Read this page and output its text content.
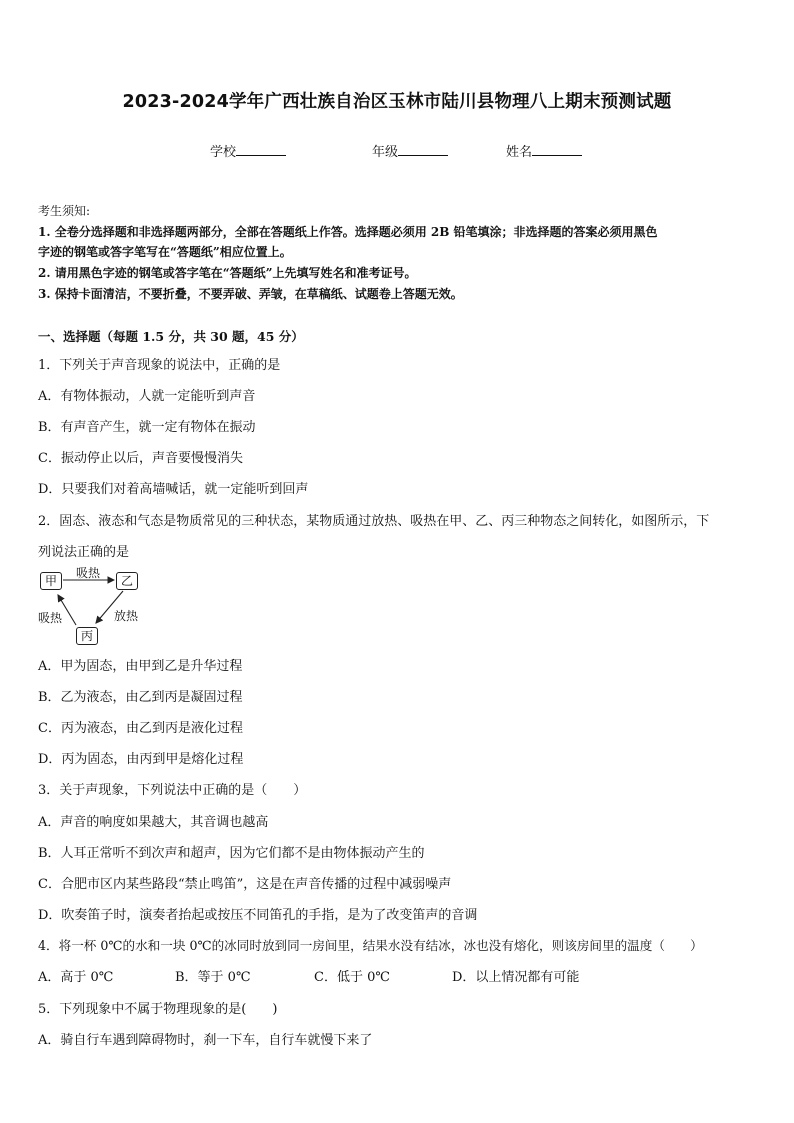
2023-2024学年广西壮族自治区玉林市陆川县物理八上期末预测试题
学校	年级	姓名
考生须知:
1. 全卷分选择题和非选择题两部分，全部在答题纸上作答。选择题必须用 2B 铅笔填涂；非选择题的答案必须用黑色
字迹的钢笔或答字笔写在“答题纸”相应位置上。
2. 请用黑色字迹的钢笔或答字笔在“答题纸”上先填写姓名和准考证号。
3. 保持卡面清洁，不要折叠，不要弄破、弄皱，在草稿纸、试题卷上答题无效。
一、选择题（每题 1.5 分，共 30 题，45 分）
1．下列关于声音现象的说法中，正确的是
A．有物体振动，人就一定能听到声音
B．有声音产生，就一定有物体在振动
C．振动停止以后，声音要慢慢消失
D．只要我们对着高墙喊话，就一定能听到回声
2．固态、液态和气态是物质常见的三种状态，某物质通过放热、吸热在甲、乙、丙三种物态之间转化，如图所示，下
列说法正确的是
甲	乙
丙
吸热
放热
吸热
A．甲为固态，由甲到乙是升华过程
B．乙为液态，由乙到丙是凝固过程
C．丙为液态，由乙到丙是液化过程
D．丙为固态，由丙到甲是熔化过程
3．关于声现象，下列说法中正确的是（　　）
A．声音的响度如果越大，其音调也越高
B．人耳正常听不到次声和超声，因为它们都不是由物体振动产生的
C．合肥市区内某些路段“禁止鸣笛”，这是在声音传播的过程中减弱噪声
D．吹奏笛子时，演奏者抬起或按压不同笛孔的手指，是为了改变笛声的音调
4．将一杯 0℃的水和一块 0℃的冰同时放到同一房间里，结果水没有结冰，冰也没有熔化，则该房间里的温度（　　）
A．高于 0℃	B．等于 0℃	C．低于 0℃	D．以上情况都有可能
5．下列现象中不属于物理现象的是(　　)
A．骑自行车遇到障碍物时，刹一下车，自行车就慢下来了
